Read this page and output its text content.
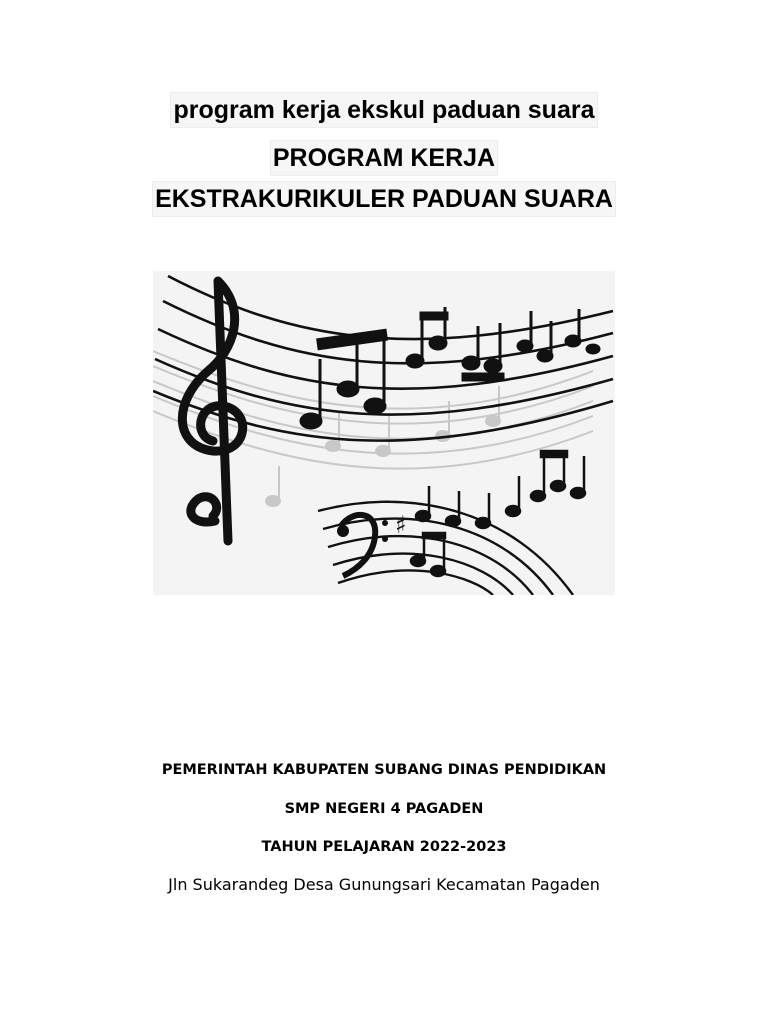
program kerja ekskul paduan suara
PROGRAM KERJA
EKSTRAKURIKULER PADUAN SUARA
♯
PEMERINTAH KABUPATEN SUBANG DINAS PENDIDIKAN
SMP NEGERI 4 PAGADEN
TAHUN PELAJARAN 2022-2023
Jln Sukarandeg Desa Gunungsari Kecamatan Pagaden
